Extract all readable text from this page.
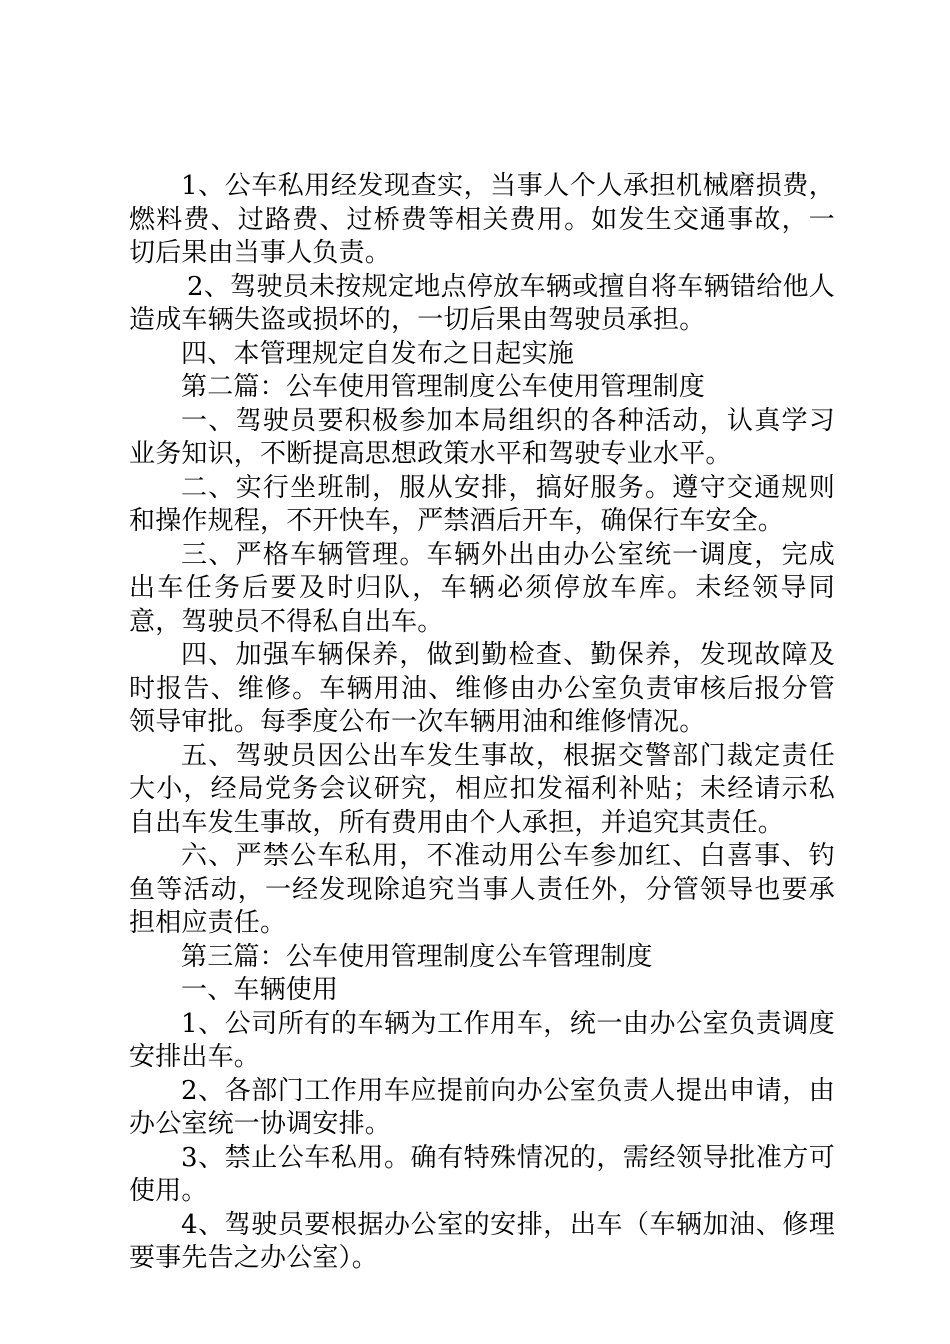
1、公车私用经发现查实，当事人个人承担机械磨损费，燃料费、过路费、过桥费等相关费用。如发生交通事故，一切后果由当事人负责。

2、驾驶员未按规定地点停放车辆或擅自将车辆错给他人造成车辆失盗或损坏的，一切后果由驾驶员承担。

四、本管理规定自发布之日起实施

第二篇：公车使用管理制度公车使用管理制度

一、驾驶员要积极参加本局组织的各种活动，认真学习业务知识，不断提高思想政策水平和驾驶专业水平。

二、实行坐班制，服从安排，搞好服务。遵守交通规则和操作规程，不开快车，严禁酒后开车，确保行车安全。

三、严格车辆管理。车辆外出由办公室统一调度，完成出车任务后要及时归队，车辆必须停放车库。未经领导同意，驾驶员不得私自出车。

四、加强车辆保养，做到勤检查、勤保养，发现故障及时报告、维修。车辆用油、维修由办公室负责审核后报分管领导审批。每季度公布一次车辆用油和维修情况。

五、驾驶员因公出车发生事故，根据交警部门裁定责任大小，经局党务会议研究，相应扣发福利补贴；未经请示私自出车发生事故，所有费用由个人承担，并追究其责任。

六、严禁公车私用，不准动用公车参加红、白喜事、钓鱼等活动，一经发现除追究当事人责任外，分管领导也要承担相应责任。

第三篇：公车使用管理制度公车管理制度

一、车辆使用

1、公司所有的车辆为工作用车，统一由办公室负责调度安排出车。

2、各部门工作用车应提前向办公室负责人提出申请，由办公室统一协调安排。

3、禁止公车私用。确有特殊情况的，需经领导批准方可使用。

4、驾驶员要根据办公室的安排，出车（车辆加油、修理要事先告之办公室）。
